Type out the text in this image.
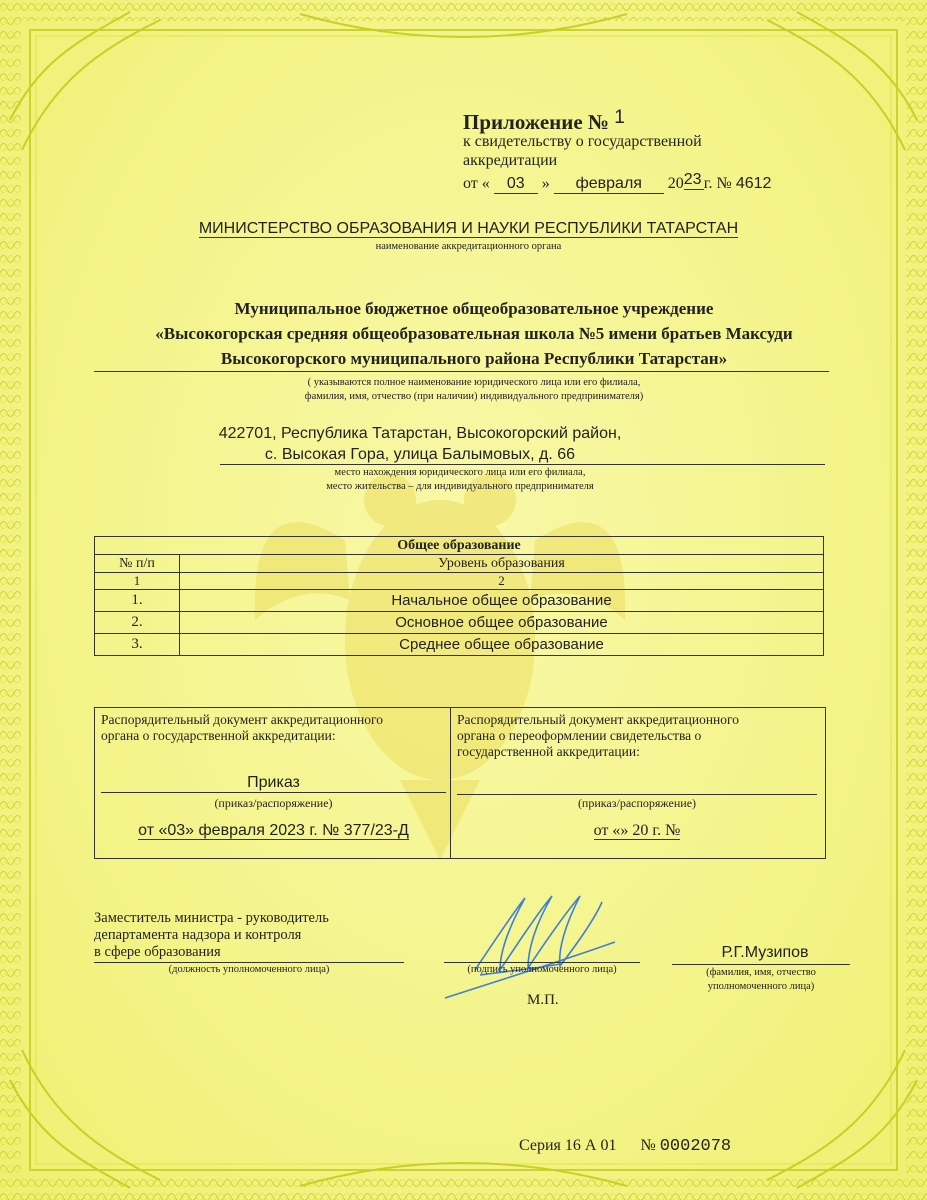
Приложение № 1
к свидетельству о государственной
аккредитации
от « 03 » февраля 2023 г. № 4612
МИНИСТЕРСТВО ОБРАЗОВАНИЯ И НАУКИ РЕСПУБЛИКИ ТАТАРСТАН
наименование аккредитационного органа
Муниципальное бюджетное общеобразовательное учреждение
«Высокогорская средняя общеобразовательная школа №5 имени братьев Максуди
Высокогорского муниципального района Республики Татарстан»
( указываются полное наименование юридического лица или его филиала,
фамилия, имя, отчество (при наличии) индивидуального предпринимателя)
422701, Республика Татарстан, Высокогорский район,
с. Высокая Гора, улица Балымовых, д. 66
место нахождения юридического лица или его филиала,
место жительства – для индивидуального предпринимателя
Общее образование	
№ п/п	Уровень образования
1	2
1.	Начальное общее образование
2.	Основное общее образование
3.	Среднее общее образование
Распорядительный документ аккредитационного
органа о государственной аккредитации:
Приказ
(приказ/распоряжение)
от «03» февраля 2023 г. № 377/23-Д
Распорядительный документ аккредитационного
органа о переоформлении свидетельства о
государственной аккредитации:
(приказ/распоряжение)
от «» 20 г. №
Заместитель министра - руководитель
департамента надзора и контроля
в сфере образования
(должность уполномоченного лица)	(подпись уполномоченного лица)
Р.Г.Музипов
(фамилия, имя, отчество
уполномоченного лица)
М.П.
Серия 16 А 01 № 0002078
